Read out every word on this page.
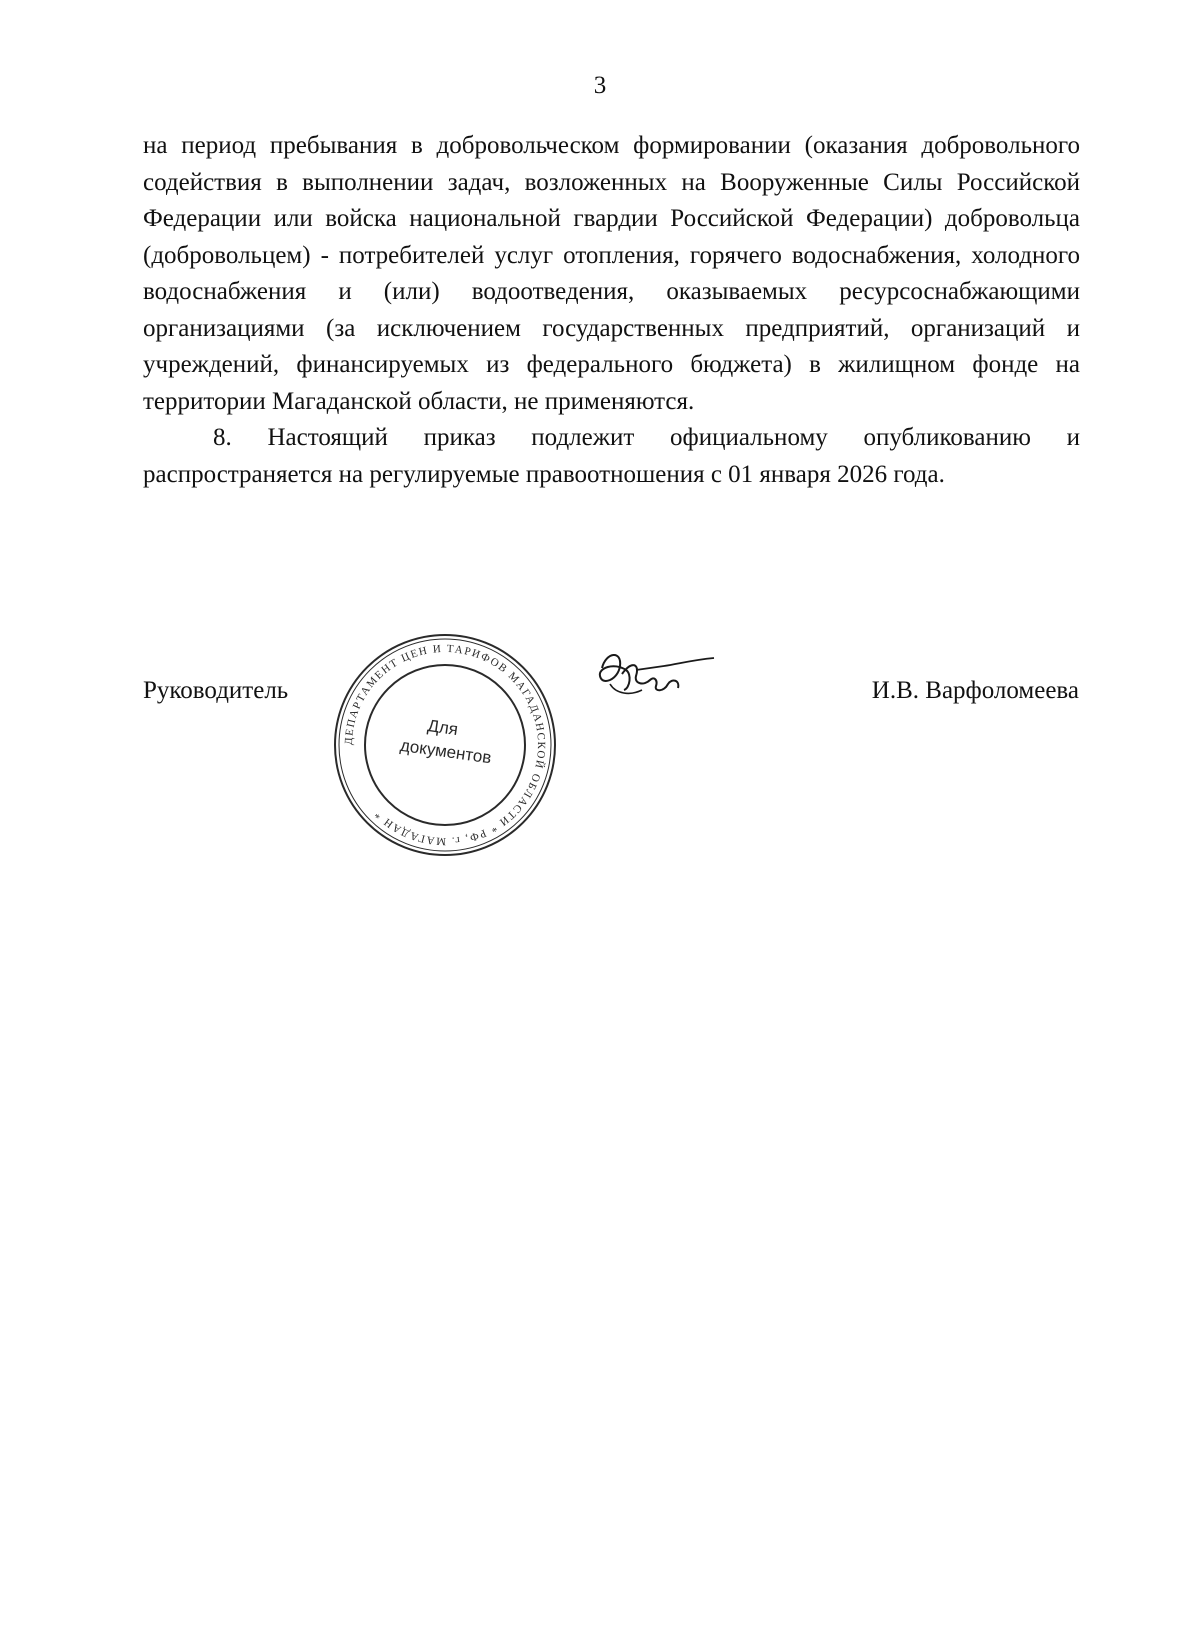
3

на период пребывания в добровольческом формировании (оказания добровольного содействия в выполнении задач, возложенных на Вооруженные Силы Российской Федерации или войска национальной гвардии Российской Федерации) добровольца (добровольцем) - потребителей услуг отопления, горячего водоснабжения, холодного водоснабжения и (или) водоотведения, оказываемых ресурсоснабжающими организациями (за исключением государственных предприятий, организаций и учреждений, финансируемых из федерального бюджета) в жилищном фонде на территории Магаданской области, не применяются.

8. Настоящий приказ подлежит официальному опубликованию и распространяется на регулируемые правоотношения с 01 января 2026 года.

Руководитель
ДЕПАРТАМЕНТ ЦЕН И ТАРИФОВ МАГАДАНСКОЙ ОБЛАСТИ * РФ, г. МАГАДАН *
Для
документов
И.В. Варфоломеева
